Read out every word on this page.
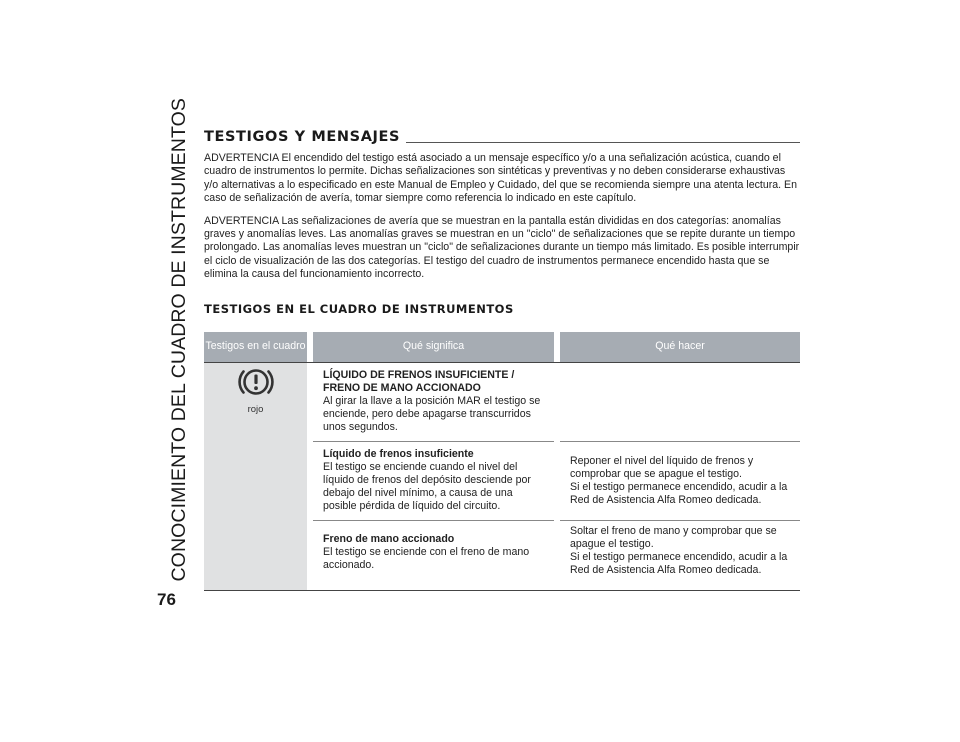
CONOCIMIENTO DEL CUADRO DE INSTRUMENTOS
76
TESTIGOS Y MENSAJES

ADVERTENCIA El encendido del testigo está asociado a un mensaje específico y/o a una señalización acústica, cuando el cuadro de instrumentos lo permite. Dichas señalizaciones son sintéticas y preventivas y no deben considerarse exhaustivas y/o alternativas a lo especificado en este Manual de Empleo y Cuidado, del que se recomienda siempre una atenta lectura. En caso de señalización de avería, tomar siempre como referencia lo indicado en este capítulo.

ADVERTENCIA Las señalizaciones de avería que se muestran en la pantalla están divididas en dos categorías: anomalías graves y anomalías leves. Las anomalías graves se muestran en un "ciclo" de señalizaciones que se repite durante un tiempo prolongado. Las anomalías leves muestran un "ciclo" de señalizaciones durante un tiempo más limitado. Es posible interrumpir el ciclo de visualización de las dos categorías. El testigo del cuadro de instrumentos permanece encendido hasta que se elimina la causa del funcionamiento incorrecto.

TESTIGOS EN EL CUADRO DE INSTRUMENTOS
Testigos en el cuadro		Qué significa		Qué hacer

rojo		LÍQUIDO DE FRENOS INSUFICIENTE / FRENO DE MANO ACCIONADO
Al girar la llave a la posición MAR el testigo se enciende, pero debe apagarse transcurridos unos segundos.		

		Líquido de frenos insuficiente
El testigo se enciende cuando el nivel del líquido de frenos del depósito desciende por debajo del nivel mínimo, a causa de una posible pérdida de líquido del circuito.		Reponer el nivel del líquido de frenos y comprobar que se apague el testigo.
Si el testigo permanece encendido, acudir a la Red de Asistencia Alfa Romeo dedicada.

		Freno de mano accionado
El testigo se enciende con el freno de mano accionado.		Soltar el freno de mano y comprobar que se apague el testigo.
Si el testigo permanece encendido, acudir a la Red de Asistencia Alfa Romeo dedicada.
